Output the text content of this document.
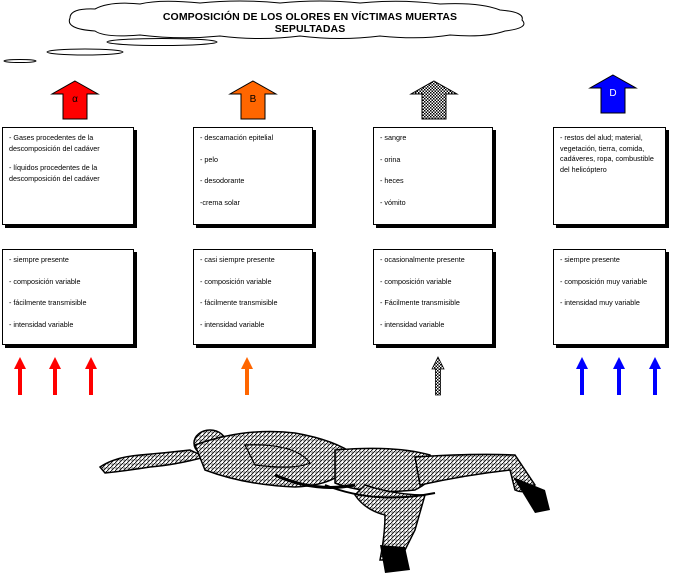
COMPOSICIÓN DE LOS OLORES EN VÍCTIMAS MUERTAS SEPULTADAS
α	B
D
- Gases procedentes de la descomposición del cadáver
- líquidos procedentes de la descomposición del cadáver
- descamación epitelial
- pelo
- desodorante
-crema solar
- sangre
- orina
- heces
- vómito
- restos del alud; material, vegetación, tierra, comida, cadáveres, ropa, combustible del helicóptero
- siempre presente
- composición variable
- fácilmente transmisible
- intensidad variable
- casi siempre presente
- composición variable
- fácilmente transmisible
- intensidad variable
- ocasionalmente presente
- composición variable
- Fácilmente transmisible
- intensidad variable
- siempre presente
- composición muy variable
- intensidad muy variable
